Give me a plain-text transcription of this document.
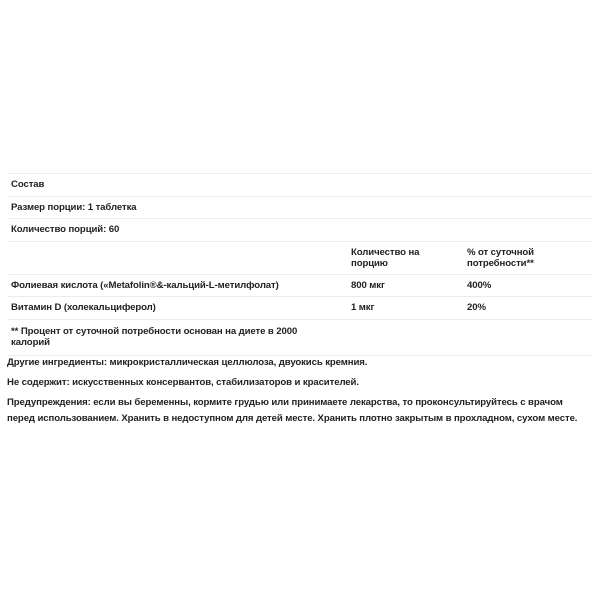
Состав		
Размер порции: 1 таблетка		
Количество порций: 60		

	Количество на порцию	% от суточной потребности**

Фолиевая кислота («Metafolin®&-кальций-L-метилфолат)	800 мкг	400%
Витамин D (холекальциферол)	1 мкг	20%

** Процент от суточной потребности основан на диете в 2000 калорий		

Другие ингредиенты: микрокристаллическая целлюлоза, двуокись кремния.

Не содержит: искусственных консервантов, стабилизаторов и красителей.

Предупреждения: если вы беременны, кормите грудью или принимаете лекарства, то проконсультируйтесь с врачом перед использованием. Хранить в недоступном для детей месте. Хранить плотно закрытым в прохладном, сухом месте.
